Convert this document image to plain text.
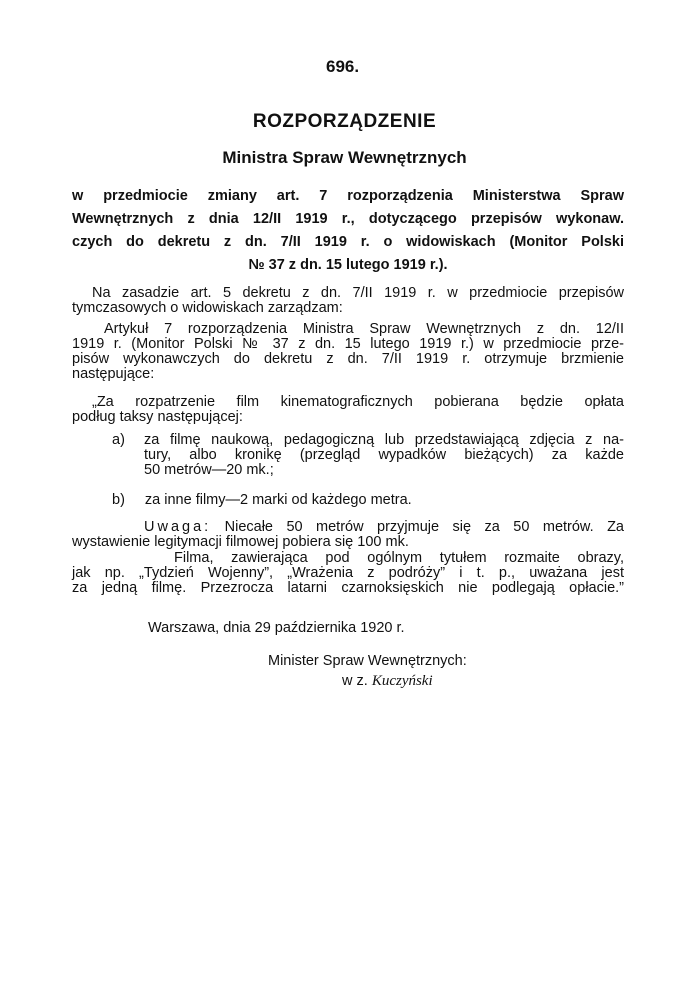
696.
ROZPORZĄDZENIE
Ministra Spraw Wewnętrznych
w przedmiocie zmiany art. 7 rozporządzenia Ministerstwa Spraw
Wewnętrznych z dnia 12/II 1919 r., dotyczącego przepisów wykonaw.
czych do dekretu z dn. 7/II 1919 r. o widowiskach (Monitor Polski
№ 37 z dn. 15 lutego 1919 r.).
Na zasadzie art. 5 dekretu z dn. 7/II 1919 r. w przedmiocie przepisów
tymczasowych o widowiskach zarządzam:
Artykuł 7 rozporządzenia Ministra Spraw Wewnętrznych z dn. 12/II
1919 r. (Monitor Polski № 37 z dn. 15 lutego 1919 r.) w przedmiocie prze-
pisów wykonawczych do dekretu z dn. 7/II 1919 r. otrzymuje brzmienie
następujące:
„Za rozpatrzenie film kinematograficznych pobierana będzie opłata
podług taksy następującej:
a) za filmę naukową, pedagogiczną lub przedstawiającą zdjęcia z na-
tury, albo kronikę (przegląd wypadków bieżących) za każde
50 metrów—20 mk.;
b) za inne filmy—2 marki od każdego metra.
Uwaga: Niecałe 50 metrów przyjmuje się za 50 metrów. Za
wystawienie legitymacji filmowej pobiera się 100 mk.
Filma, zawierająca pod ogólnym tytułem rozmaite obrazy,
jak np. „Tydzień Wojenny”, „Wrażenia z podróży” i t. p., uważana jest
za jedną filmę. Przezrocza latarni czarnoksięskich nie podlegają opłacie.”
Warszawa, dnia 29 października 1920 r.
Minister Spraw Wewnętrznych:
w z. Kuczyński
